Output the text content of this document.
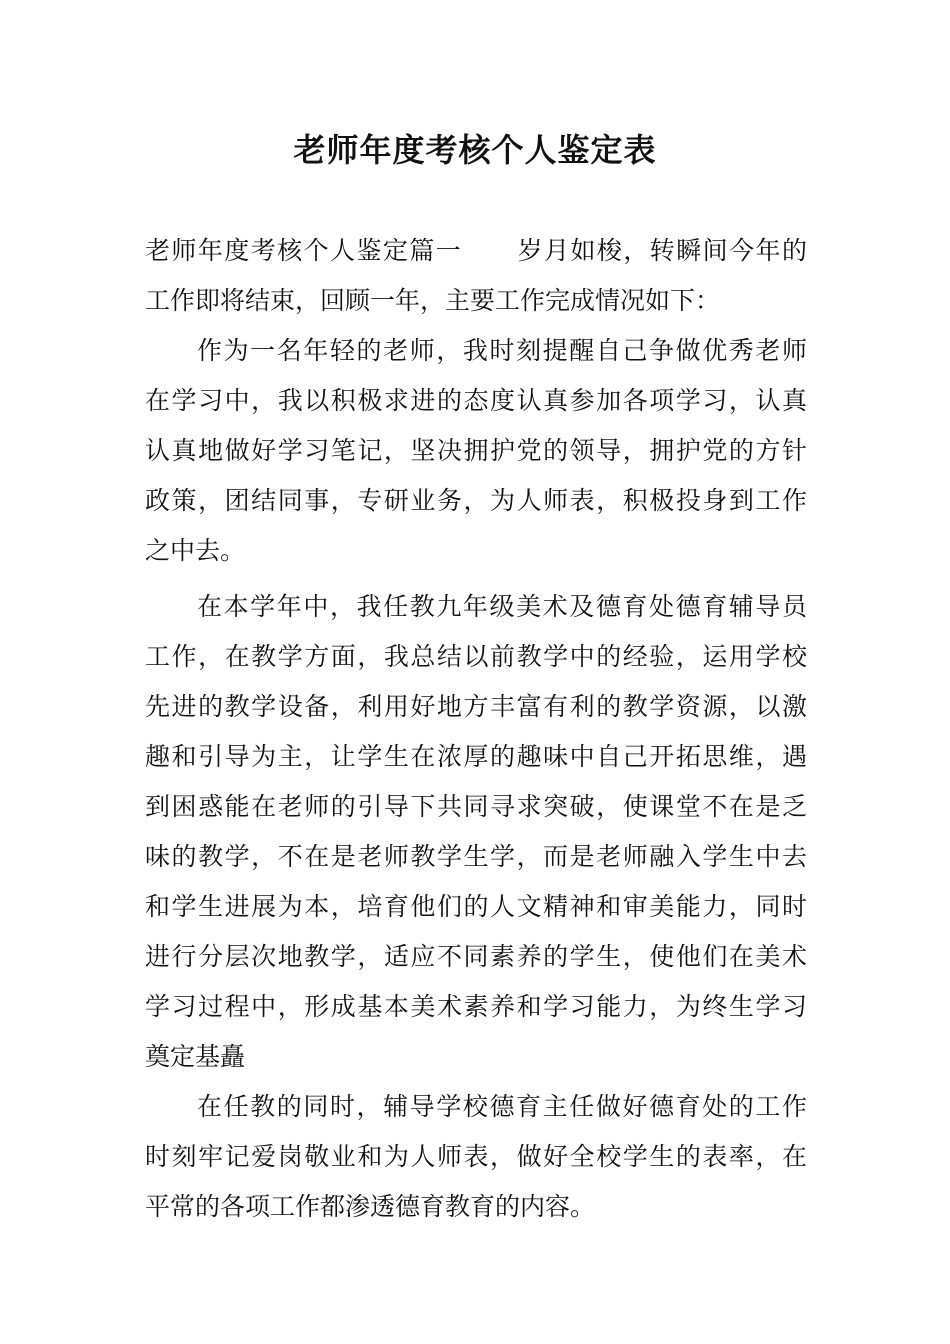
老师年度考核个人鉴定表

老师年度考核个人鉴定篇一 岁月如梭，转瞬间今年的
工作即将结束，回顾一年，主要工作完成情况如下：

作为一名年轻的老师，我时刻提醒自己争做优秀老师
在学习中，我以积极求进的态度认真参加各项学习，认真
认真地做好学习笔记，坚决拥护党的领导，拥护党的方针
政策，团结同事，专研业务，为人师表，积极投身到工作
之中去。

在本学年中，我任教九年级美术及德育处德育辅导员
工作，在教学方面，我总结以前教学中的经验，运用学校
先进的教学设备，利用好地方丰富有利的教学资源，以激
趣和引导为主，让学生在浓厚的趣味中自己开拓思维，遇
到困惑能在老师的引导下共同寻求突破，使课堂不在是乏
味的教学，不在是老师教学生学，而是老师融入学生中去
和学生进展为本，培育他们的人文精神和审美能力，同时
进行分层次地教学，适应不同素养的学生，使他们在美术
学习过程中，形成基本美术素养和学习能力，为终生学习
奠定基矗

在任教的同时，辅导学校德育主任做好德育处的工作
时刻牢记爱岗敬业和为人师表，做好全校学生的表率，在
平常的各项工作都渗透德育教育的内容。
